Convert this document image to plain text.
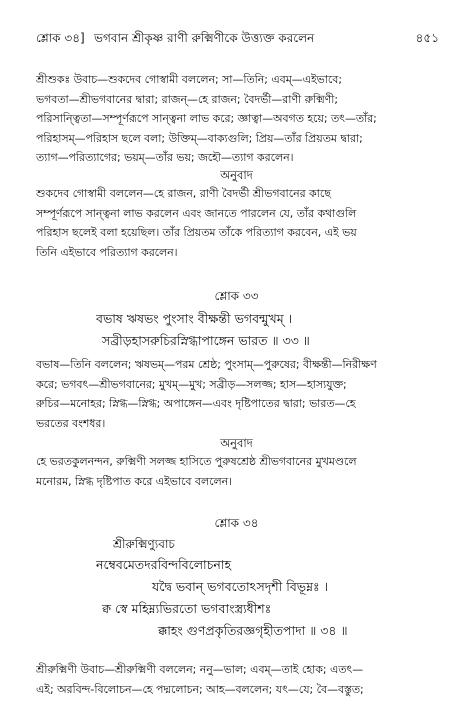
শ্লোক ৩৪] ভগবান শ্রীকৃষ্ণ রাণী রুক্মিণীকে উত্ত্যক্ত করলেন	৪৫১
শ্রীশুকঃ উবাচ—শুকদেব গোস্বামী বললেন; সা—তিনি; এবম্—এইভাবে;
ভগবতা—শ্রীভগবানের দ্বারা; রাজন্—হে রাজন; বৈদর্ভী—রাণী রুক্মিণী;
পরিসান্ত্বিতা—সম্পূর্ণরূপে সান্ত্বনা লাভ করে; জ্ঞাত্বা—অবগত হয়ে; তৎ—তাঁর;
পরিহাসম্—পরিহাস ছলে বলা; উক্তিম্—বাক্যগুলি; প্রিয়—তাঁর প্রিয়তম দ্বারা;
ত্যাগ—পরিত্যাগের; ভয়ম্—তাঁর ভয়; জহৌ—ত্যাগ করলেন।
অনুবাদ
শুকদেব গোস্বামী বললেন—হে রাজন, রাণী বৈদর্ভী শ্রীভগবানের কাছে
সম্পূর্ণরূপে সান্ত্বনা লাভ করলেন এবং জানতে পারলেন যে, তাঁর কথাগুলি
পরিহাস ছলেই বলা হয়েছিল। তাঁর প্রিয়তম তাঁকে পরিত্যাগ করবেন, এই ভয়
তিনি এইভাবে পরিত্যাগ করলেন।
শ্লোক ৩৩
বভাষ ঋষভং পুংসাং বীক্ষন্তী ভগবন্মুখম্ ।
সব্রীড়হাসরুচিরস্নিগ্ধাপাঙ্গেন ভারত ॥ ৩৩ ॥
বভাষ—তিনি বললেন; ঋষভম্—পরম শ্রেষ্ঠ; পুংসাম্—পুরুষের; বীক্ষন্তী—নিরীক্ষণ
করে; ভগবৎ—শ্রীভগবানের; মুখম্—মুখ; সব্রীড়—সলজ্জ; হাস—হাস্যযুক্ত;
রুচির—মনোহর; স্নিগ্ধ—স্নিগ্ধ; অপাঙ্গেন—এবং দৃষ্টিপাতের দ্বারা; ভারত—হে
ভরতের বংশধর।
অনুবাদ
হে ভরতকুলনন্দন, রুক্মিণী সলজ্জ হাসিতে পুরুষশ্রেষ্ঠ শ্রীভগবানের মুখমণ্ডলে
মনোরম, স্নিগ্ধ দৃষ্টিপাত করে এইভাবে বললেন।
শ্লোক ৩৪
শ্রীরুক্মিণ্যুবাচ
নম্বেবমেতদরবিন্দবিলোচনাহ
যদ্বৈ ভবান্ ভগবতোঽসদৃশী বিভূম্নঃ ।
ক্ব স্বে মহিম্ন্যভিরতো ভগবাংস্ত্র্যধীশঃ
ক্কাহং গুণপ্রকৃতিরজ্ঞগৃহীতপাদা ॥ ৩৪ ॥
শ্রীরুক্মিণী উবাচ—শ্রীরুক্মিণী বললেন; ননু—ভাল; এবম্—তাই হোক; এতৎ—
এই; অরবিন্দ-বিলোচন—হে পদ্মলোচন; আহ—বললেন; যৎ—যে; বৈ—বস্তুত;
